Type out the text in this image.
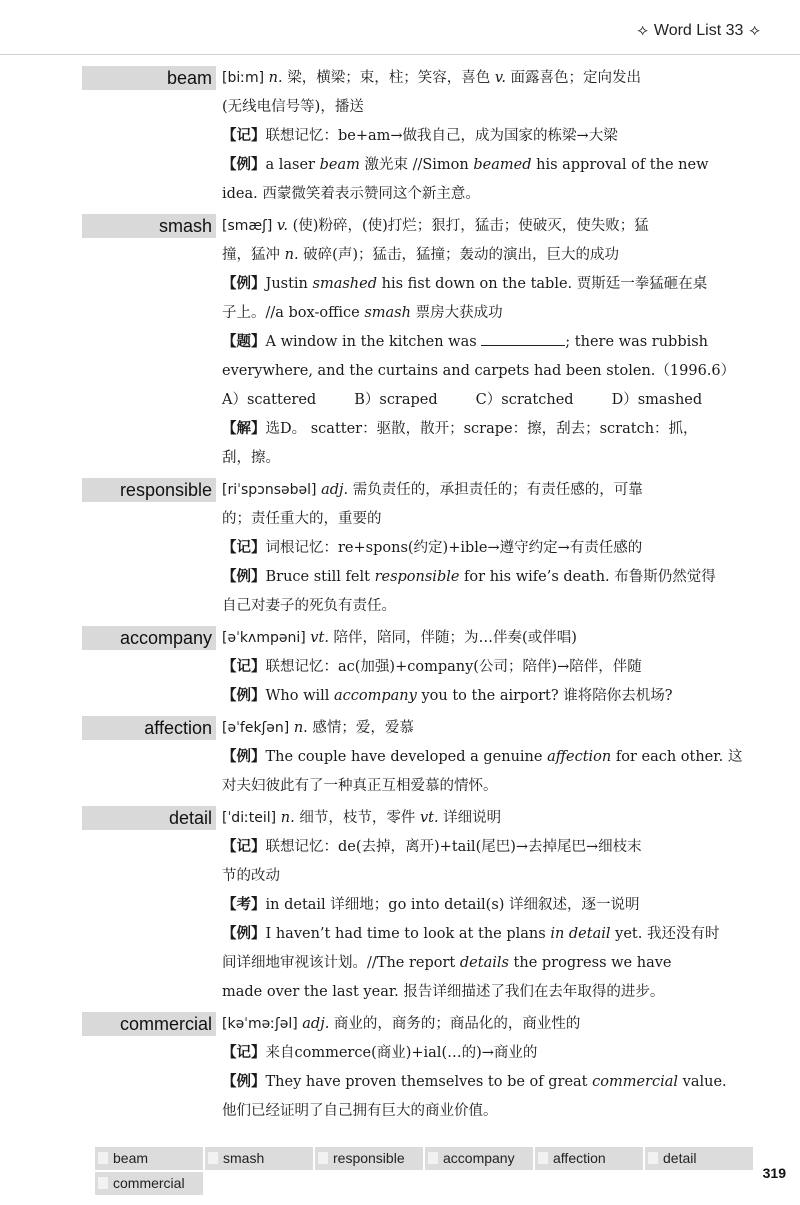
⟡ Word List 33 ⟡
beam [biːm] n. 梁，横梁；束，柱；笑容，喜色 v. 面露喜色；定向发出

(无线电信号等)，播送

【记】联想记忆：be+am→做我自己，成为国家的栋梁→大梁

【例】a laser beam 激光束 //Simon beamed his approval of the new

idea. 西蒙微笑着表示赞同这个新主意。

smash [smæʃ] v. (使)粉碎，(使)打烂；狠打，猛击；使破灭，使失败；猛

撞，猛冲 n. 破碎(声)；猛击，猛撞；轰动的演出，巨大的成功

【例】Justin smashed his fist down on the table. 贾斯廷一拳猛砸在桌

子上。//a box-office smash 票房大获成功

【题】A window in the kitchen was	; there was rubbish

everywhere, and the curtains and carpets had been stolen.（1996.6）

A）scattered	B）scraped	C）scratched	D）smashed

【解】选D。 scatter：驱散，散开；scrape：擦，刮去；scratch：抓，

刮，擦。

responsible [riˈspɔnsəbəl] adj. 需负责任的，承担责任的；有责任感的，可靠

的；责任重大的，重要的

【记】词根记忆：re+spons(约定)+ible→遵守约定→有责任感的

【例】Bruce still felt responsible for his wife’s death. 布鲁斯仍然觉得

自己对妻子的死负有责任。

accompany [əˈkʌmpəni] vt. 陪伴，陪同，伴随；为…伴奏(或伴唱)

【记】联想记忆：ac(加强)+company(公司；陪伴)→陪伴，伴随

【例】Who will accompany you to the airport? 谁将陪你去机场?

affection [əˈfekʃən] n. 感情；爱，爱慕

【例】The couple have developed a genuine affection for each other. 这

对夫妇彼此有了一种真正互相爱慕的情怀。

detail [ˈdiːteil] n. 细节，枝节，零件 vt. 详细说明

【记】联想记忆：de(去掉，离开)+tail(尾巴)→去掉尾巴→细枝末

节的改动

【考】in detail 详细地；go into detail(s) 详细叙述，逐一说明

【例】I haven’t had time to look at the plans in detail yet. 我还没有时

间详细地审视该计划。//The report details the progress we have

made over the last year. 报告详细描述了我们在去年取得的进步。

commercial [kəˈməːʃəl] adj. 商业的，商务的；商品化的，商业性的

【记】来自commerce(商业)+ial(…的)→商业的

【例】They have proven themselves to be of great commercial value.

他们已经证明了自己拥有巨大的商业价值。

beam	smash	responsible	accompany	affection	detail
commercial
319
